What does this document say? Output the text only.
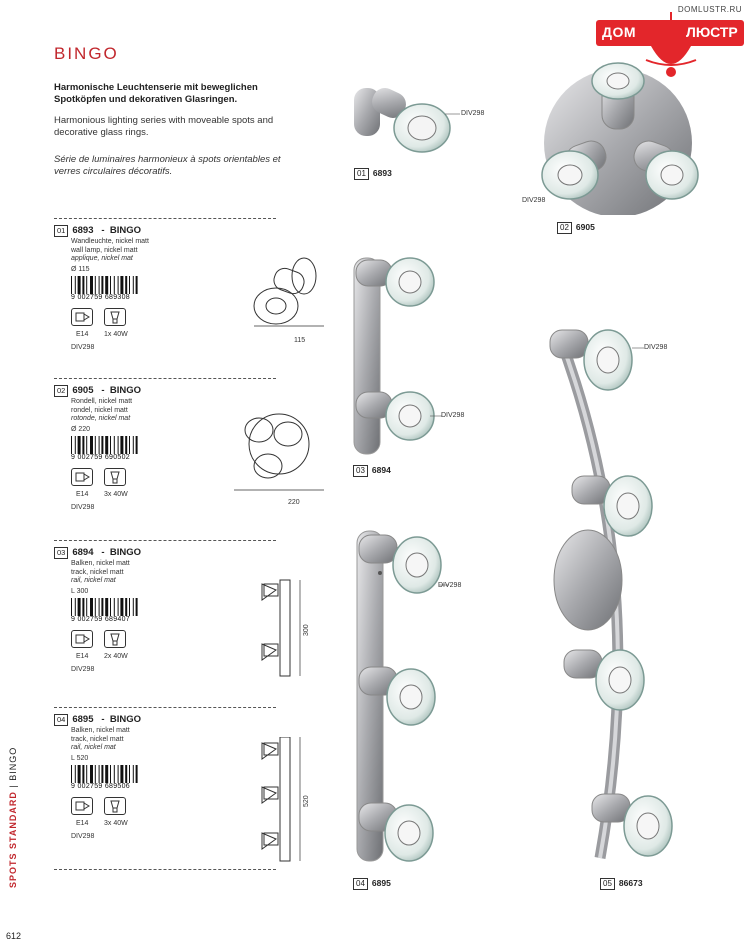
BINGO
Harmonische Leuchtenserie mit beweglichen Spotköpfen und dekorativen Glasringen.
Harmonious lighting series with moveable spots and decorative glass rings.
Série de luminaires harmonieux à spots orientables et verres circulaires décoratifs.
DOMLUSTR.RU
ДОМ	ЛЮСТР
01 6893 - BINGO
Wandleuchte, nickel matt
wall lamp, nickel matt
applique, nickel mat
Ø 115
9 002759 689308
E14 1x 40W
DIV298
115
02 6905 - BINGO
Rondell, nickel matt
rondel, nickel matt
rotonde, nickel mat
Ø 220
9 002759 690502
E14 3x 40W
DIV298
220
03 6894 - BINGO
Balken, nickel matt
track, nickel matt
rail, nickel mat
L 300
9 002759 689407
E14 2x 40W
DIV298
300
04 6895 - BINGO
Balken, nickel matt
track, nickel matt
rail, nickel mat
L 520
9 002759 689506
E14 3x 40W
DIV298
520
DIV298
01 6893
DIV298
02 6905
DIV298
03 6894
DIV298
04 6895
DIV298
05 86673
SPOTS STANDARD | BINGO
612
